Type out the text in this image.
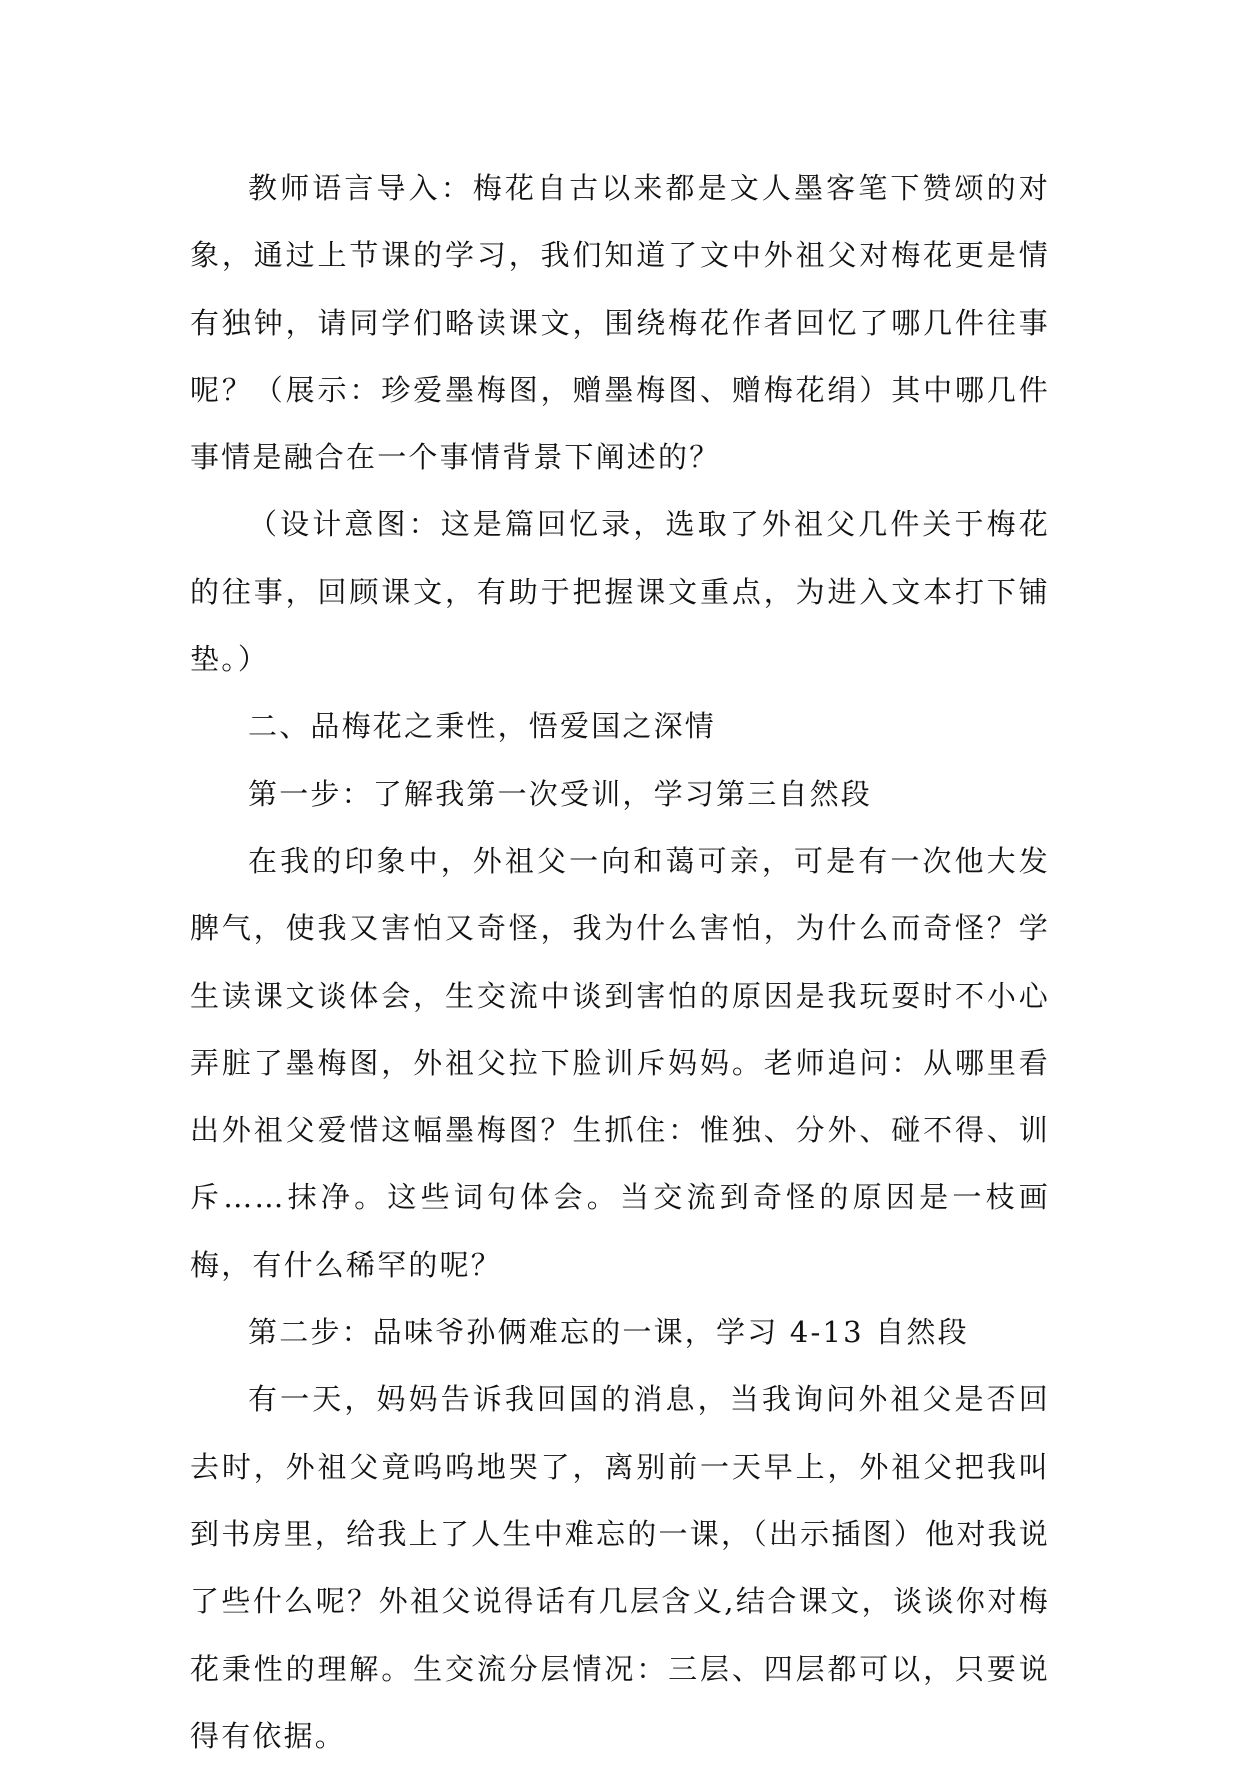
教师语言导入：梅花自古以来都是文人墨客笔下赞颂的对象，通过上节课的学习，我们知道了文中外祖父对梅花更是情有独钟，请同学们略读课文，围绕梅花作者回忆了哪几件往事呢？（展示：珍爱墨梅图，赠墨梅图、赠梅花绢）其中哪几件事情是融合在一个事情背景下阐述的？

（设计意图：这是篇回忆录，选取了外祖父几件关于梅花的往事，回顾课文，有助于把握课文重点，为进入文本打下铺垫。）

二、品梅花之秉性，悟爱国之深情

第一步：了解我第一次受训，学习第三自然段

在我的印象中，外祖父一向和蔼可亲，可是有一次他大发脾气，使我又害怕又奇怪，我为什么害怕，为什么而奇怪？学生读课文谈体会，生交流中谈到害怕的原因是我玩耍时不小心弄脏了墨梅图，外祖父拉下脸训斥妈妈。老师追问：从哪里看出外祖父爱惜这幅墨梅图？生抓住：惟独、分外、碰不得、训斥……抹净。这些词句体会。当交流到奇怪的原因是一枝画梅，有什么稀罕的呢？

第二步：品味爷孙俩难忘的一课，学习 4-13 自然段

有一天，妈妈告诉我回国的消息，当我询问外祖父是否回去时，外祖父竟呜呜地哭了，离别前一天早上，外祖父把我叫到书房里，给我上了人生中难忘的一课，（出示插图）他对我说了些什么呢？外祖父说得话有几层含义,结合课文，谈谈你对梅花秉性的理解。生交流分层情况：三层、四层都可以，只要说得有依据。
